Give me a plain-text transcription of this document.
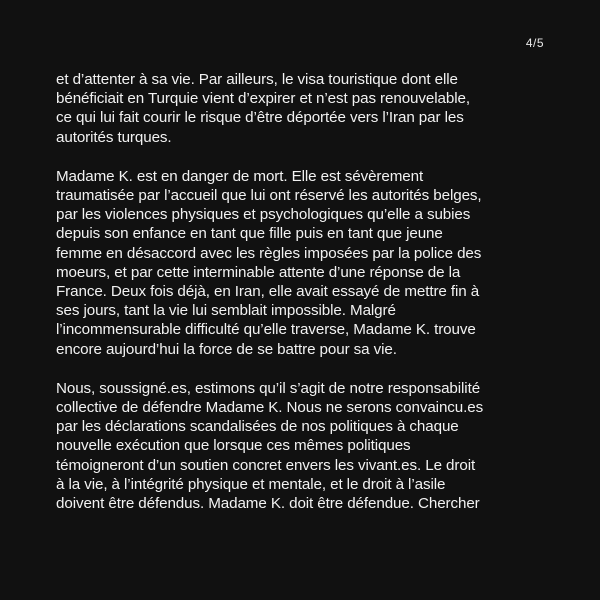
4/5

et d’attenter à sa vie. Par ailleurs, le visa touristique dont elle
bénéficiait en Turquie vient d’expirer et n’est pas renouvelable,
ce qui lui fait courir le risque d’être déportée vers l’Iran par les
autorités turques.

Madame K. est en danger de mort. Elle est sévèrement
traumatisée par l’accueil que lui ont réservé les autorités belges,
par les violences physiques et psychologiques qu’elle a subies
depuis son enfance en tant que fille puis en tant que jeune
femme en désaccord avec les règles imposées par la police des
moeurs, et par cette interminable attente d’une réponse de la
France. Deux fois déjà, en Iran, elle avait essayé de mettre fin à
ses jours, tant la vie lui semblait impossible. Malgré
l’incommensurable difficulté qu’elle traverse, Madame K. trouve
encore aujourd’hui la force de se battre pour sa vie.

Nous, soussigné.es, estimons qu’il s’agit de notre responsabilité
collective de défendre Madame K. Nous ne serons convaincu.es
par les déclarations scandalisées de nos politiques à chaque
nouvelle exécution que lorsque ces mêmes politiques
témoigneront d’un soutien concret envers les vivant.es. Le droit
à la vie, à l’intégrité physique et mentale, et le droit à l’asile
doivent être défendus. Madame K. doit être défendue. Chercher
